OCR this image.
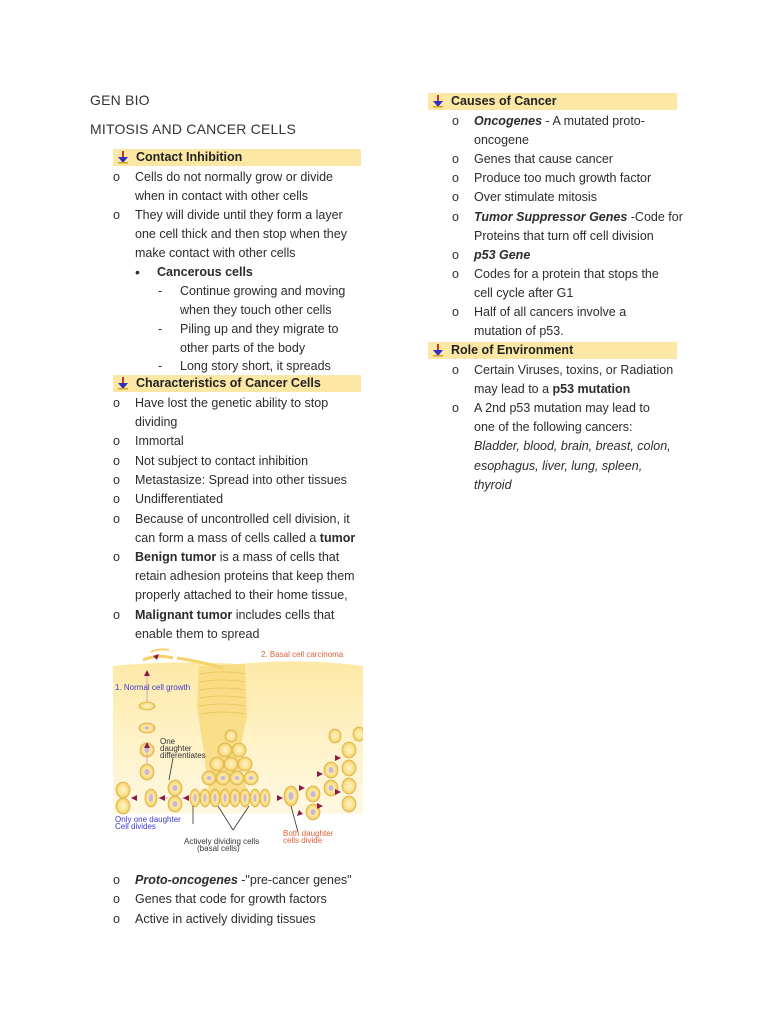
GEN BIO
MITOSIS AND CANCER CELLS
Contact Inhibition
o	Cells do not normally grow or divide
when in contact with other cells
o	They will divide until they form a layer
one cell thick and then stop when they
make contact with other cells
•	Cancerous cells
-	Continue growing and moving
when they touch other cells
-	Piling up and they migrate to
other parts of the body
-	Long story short, it spreads
Characteristics of Cancer Cells
o	Have lost the genetic ability to stop
dividing
o	Immortal
o	Not subject to contact inhibition
o	Metastasize: Spread into other tissues
o	Undifferentiated
o	Because of uncontrolled cell division, it
can form a mass of cells called a tumor
o	Benign tumor is a mass of cells that
retain adhesion proteins that keep them
properly attached to their home tissue,
o	Malignant tumor includes cells that
enable them to spread
2. Basal cell carcinoma
1. Normal cell growth
One
daughter
differentiates
Only one daughter
Cell divides
Actively dividing cells
(basal cells)
Both daughter
cells divide
o	Proto-oncogenes -"pre-cancer genes"
o	Genes that code for growth factors
o	Active in actively dividing tissues
Causes of Cancer
o	Oncogenes - A mutated proto-
oncogene
o	Genes that cause cancer
o	Produce too much growth factor
o	Over stimulate mitosis
o	Tumor Suppressor Genes -Code for
Proteins that turn off cell division
o	p53 Gene
o	Codes for a protein that stops the
cell cycle after G1
o	Half of all cancers involve a
mutation of p53.
Role of Environment
o	Certain Viruses, toxins, or Radiation
may lead to a p53 mutation
o	A 2nd p53 mutation may lead to
one of the following cancers:
Bladder, blood, brain, breast, colon,
esophagus, liver, lung, spleen,
thyroid
